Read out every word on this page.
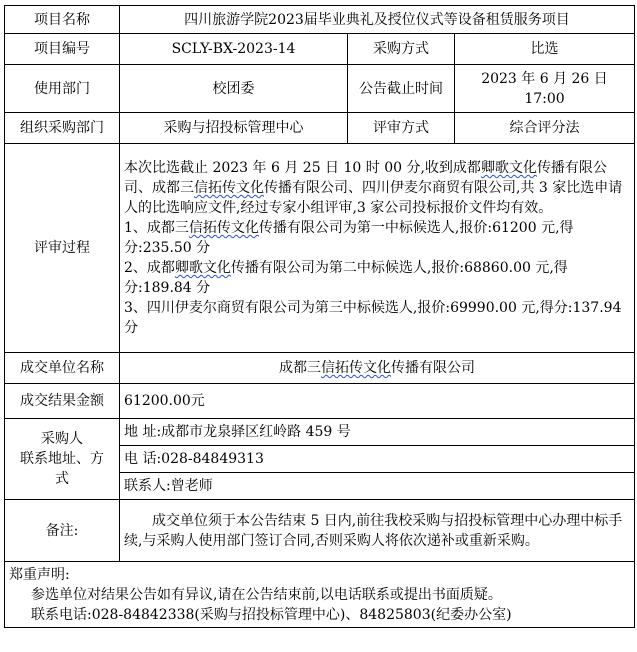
项目名称	四川旅游学院2023届毕业典礼及授位仪式等设备租赁服务项目		
项目编号	SCLY-BX-2023-14	采购方式	比选
使用部门	校团委	公告截止时间	2023 年 6 月 26 日
17:00

组织采购部门	采购与招投标管理中心	评审方式	综合评分法
评审过程	本次比选截止 2023 年 6 月 25 日 10 时 00 分,收到成都卿歌文化传播有限公司、成都三信拓传文化传播有限公司、四川伊麦尔商贸有限公司,共 3 家比选申请人的比选响应文件,经过专家小组评审,3 家公司投标报价文件均有效。

1、成都三信拓传文化传播有限公司为第一中标候选人,报价:61200 元,得分:235.50 分

2、成都卿歌文化传播有限公司为第二中标候选人,报价:68860.00 元,得分:189.84 分

3、四川伊麦尔商贸有限公司为第三中标候选人,报价:69990.00 元,得分:137.94 分		

成交单位名称	成都三信拓传文化传播有限公司		
成交结果金额	61200.00元		

采购人
联系地址、方
式	地 址:成都市龙泉驿区红岭路 459 号		
	电 话:028-84849313		
	联系人:曾老师		
备注:	成交单位须于本公告结束 5 日内,前往我校采购与招投标管理中心办理中标手续,与采购人使用部门签订合同,否则采购人将依次递补或重新采购。		

郑重声明:
参选单位对结果公告如有异议,请在公告结束前,以电话联系或提出书面质疑。
联系电话:028-84842338(采购与招投标管理中心)、84825803(纪委办公室)			
